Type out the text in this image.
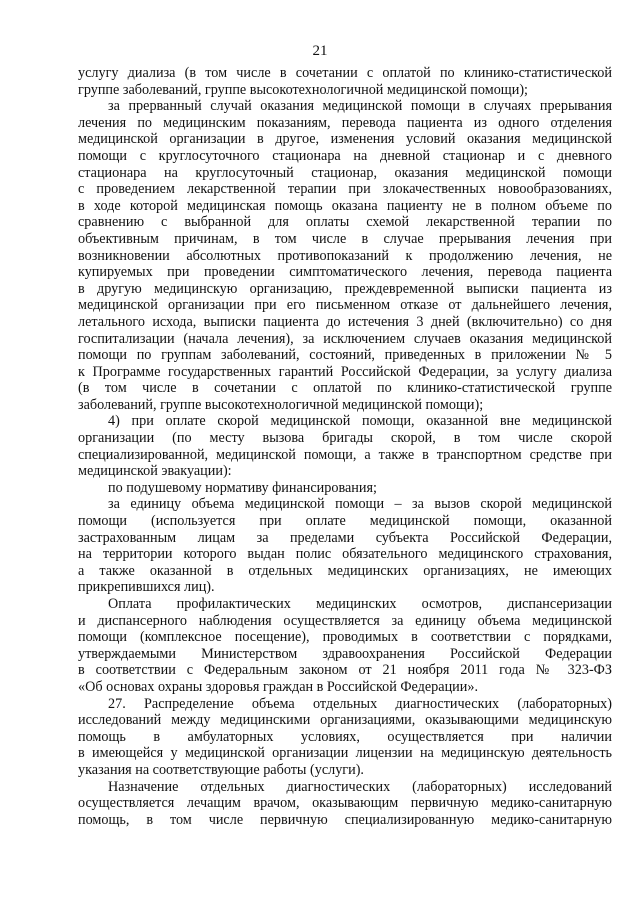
21
услугу диализа (в том числе в сочетании с оплатой по клинико-статистической
группе заболеваний, группе высокотехнологичной медицинской помощи);
за прерванный случай оказания медицинской помощи в случаях прерывания
лечения по медицинским показаниям, перевода пациента из одного отделения
медицинской организации в другое, изменения условий оказания медицинской
помощи с круглосуточного стационара на дневной стационар и с дневного
стационара на круглосуточный стационар, оказания медицинской помощи
с проведением лекарственной терапии при злокачественных новообразованиях,
в ходе которой медицинская помощь оказана пациенту не в полном объеме по
сравнению с выбранной для оплаты схемой лекарственной терапии по
объективным причинам, в том числе в случае прерывания лечения при
возникновении абсолютных противопоказаний к продолжению лечения, не
купируемых при проведении симптоматического лечения, перевода пациента
в другую медицинскую организацию, преждевременной выписки пациента из
медицинской организации при его письменном отказе от дальнейшего лечения,
летального исхода, выписки пациента до истечения 3 дней (включительно) со дня
госпитализации (начала лечения), за исключением случаев оказания медицинской
помощи по группам заболеваний, состояний, приведенных в приложении № 5
к Программе государственных гарантий Российской Федерации, за услугу диализа
(в том числе в сочетании с оплатой по клинико-статистической группе
заболеваний, группе высокотехнологичной медицинской помощи);
4) при оплате скорой медицинской помощи, оказанной вне медицинской
организации (по месту вызова бригады скорой, в том числе скорой
специализированной, медицинской помощи, а также в транспортном средстве при
медицинской эвакуации):
по подушевому нормативу финансирования;
за единицу объема медицинской помощи – за вызов скорой медицинской
помощи (используется при оплате медицинской помощи, оказанной
застрахованным лицам за пределами субъекта Российской Федерации,
на территории которого выдан полис обязательного медицинского страхования,
а также оказанной в отдельных медицинских организациях, не имеющих
прикрепившихся лиц).
Оплата профилактических медицинских осмотров, диспансеризации
и диспансерного наблюдения осуществляется за единицу объема медицинской
помощи (комплексное посещение), проводимых в соответствии с порядками,
утверждаемыми Министерством здравоохранения Российской Федерации
в соответствии с Федеральным законом от 21 ноября 2011 года № 323-ФЗ
«Об основах охраны здоровья граждан в Российской Федерации».
27. Распределение объема отдельных диагностических (лабораторных)
исследований между медицинскими организациями, оказывающими медицинскую
помощь в амбулаторных условиях, осуществляется при наличии
в имеющейся у медицинской организации лицензии на медицинскую деятельность
указания на соответствующие работы (услуги).
Назначение отдельных диагностических (лабораторных) исследований
осуществляется лечащим врачом, оказывающим первичную медико-санитарную
помощь, в том числе первичную специализированную медико-санитарную
